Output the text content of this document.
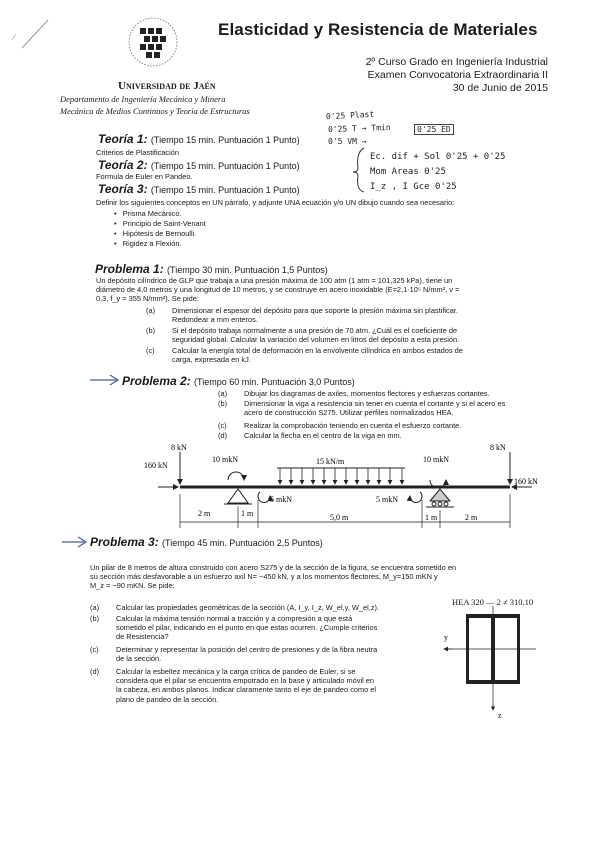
Elasticidad y Resistencia de Materiales
2º Curso Grado en Ingeniería Industrial
Examen Convocatoria Extraordinaria II
30 de Junio de 2015
Universidad de Jaén
Departamento de Ingeniería Mecánica y Minera
Mecánica de Medios Continuos y Teoría de Estructuras	0'25 Plast
0'25 T → Tmin	0'25 ED
0'5 VM →
Ec. dif + Sol 0'25 + 0'25
Mom Areas 0'25
I_z , I Gce 0'25
Teoría 1: (Tiempo 15 min. Puntuación 1 Punto)
Criterios de Plastificación
Teoría 2: (Tiempo 15 min. Puntuación 1 Punto)
Formula de Euler en Pandeo.
Teoría 3: (Tiempo 15 min. Puntuación 1 Punto)
Definir los siguientes conceptos en UN párrafo, y adjunte UNA ecuación y/o UN dibujo cuando sea necesario:
•   Prisma Mecánico.
•   Principio de Saint-Venant
•   Hipótesis de Bernoulli.
•   Rigidez a Flexión.
Problema 1: (Tiempo 30 min. Puntuación 1,5 Puntos)
Un depósito cilíndrico de GLP que trabaja a una presión máxima de 100 atm (1 atm = 101,325 kPa), tiene un
diámetro de 4,0 metros y una longitud de 10 metros, y se construye en acero inoxidable (E=2,1·10⁵ N/mm², ν =
0,3, f_y = 355 N/mm²). Se pide:
(a) Dimensionar el espesor del depósito para que soporte la presión máxima sin plastificar.
Redondear a mm enteros.
(b) Si el depósito trabaja normalmente a una presión de 70 atm. ¿Cuál es el coeficiente de
seguridad global. Calcular la variación del volumen en litros del depósito a esta presión.
(c) Calcular la energía total de deformación en la envolvente cilíndrica en ambos estados de
carga, expresada en kJ.
Problema 2: (Tiempo 60 min. Puntuación 3,0 Puntos)
(a) Dibujar los diagramas de axiles, momentos flectores y esfuerzos cortantes.
(b) Dimensionar la viga a resistencia sin tener en cuenta el cortante y si el acero es
acero de construcción S275. Utilizar perfiles normalizados HEA.
(c) Realizar la comprobación teniendo en cuenta el esfuerzo cortante.
(d) Calcular la flecha en el centro de la viga en mm.
2 m	1 m	5,0 m	1 m	2 m
8 kN
160 kN
8 kN
160 kN
10 mkN	15 kN/m	10 mkN
5 mkN	5 mkN
Problema 3: (Tiempo 45 min. Puntuación 2,5 Puntos)
Un pilar de 8 metros de altura construido con acero S275 y de la sección de la figura, se encuentra sometido en
su sección más desfavorable a un esfuerzo axil N= −450 kN, y a los momentos flectores, M_y=150 mKN y
M_z = −90 mKN. Se pide:
(a) Calcular las propiedades geométricas de la sección (A, I_y, I_z, W_el,y, W_el,z).
(b) Calcular la máxima tensión normal a tracción y a compresión a que está
sometido el pilar, indicando en el punto en que estas ocurren. ¿Cumple criterios
de Resistencia?
(c) Determinar y representar la posición del centro de presiones y de la fibra neutra
de la sección.
(d) Calcular la esbeltez mecánica y la carga crítica de pandeo de Euler, si se
considera que el pilar se encuentra empotrado en la base y articulado móvil en
la cabeza, en ambos planos. Indicar claramente tanto el eje de pandeo como el
plano de pandeo de la sección.
HEA 320 — 2 ≠ 310.10
y
z
